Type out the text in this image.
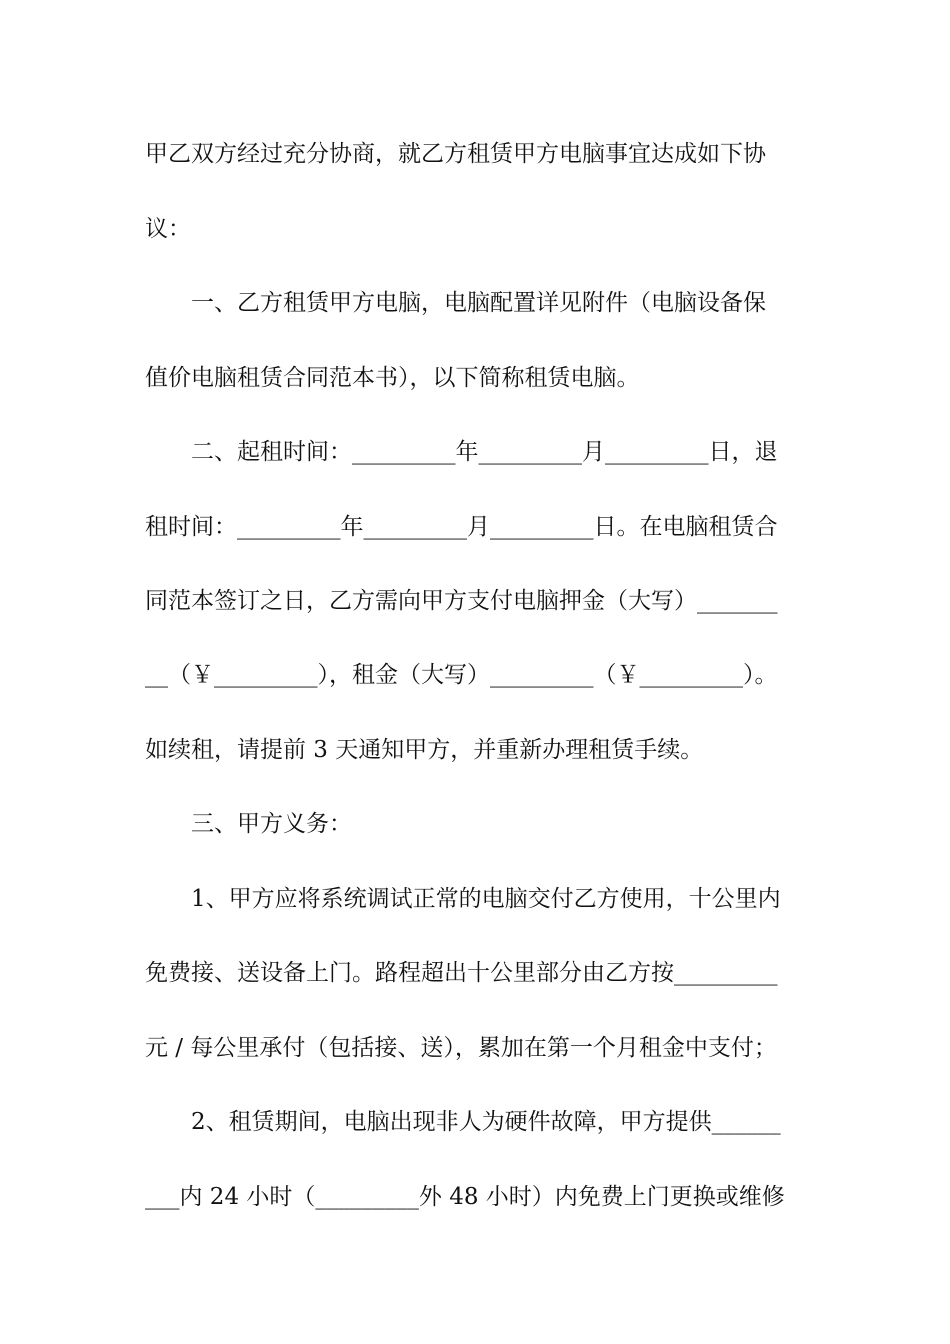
甲乙双方经过充分协商，就乙方租赁甲方电脑事宜达成如下协
议：
　　一、乙方租赁甲方电脑，电脑配置详见附件（电脑设备保
值价电脑租赁合同范本书），以下简称租赁电脑。
　　二、起租时间：_________年_________月_________日，退
租时间：_________年_________月_________日。在电脑租赁合
同范本签订之日，乙方需向甲方支付电脑押金（大写）_______
__（￥_________），租金（大写）_________（￥_________）。
如续租，请提前 3 天通知甲方，并重新办理租赁手续。
　　三、甲方义务：
　　1、甲方应将系统调试正常的电脑交付乙方使用，十公里内
免费接、送设备上门。路程超出十公里部分由乙方按_________
元 / 每公里承付（包括接、送），累加在第一个月租金中支付；
　　2、租赁期间，电脑出现非人为硬件故障，甲方提供______
___内 24 小时（_________外 48 小时）内免费上门更换或维修
